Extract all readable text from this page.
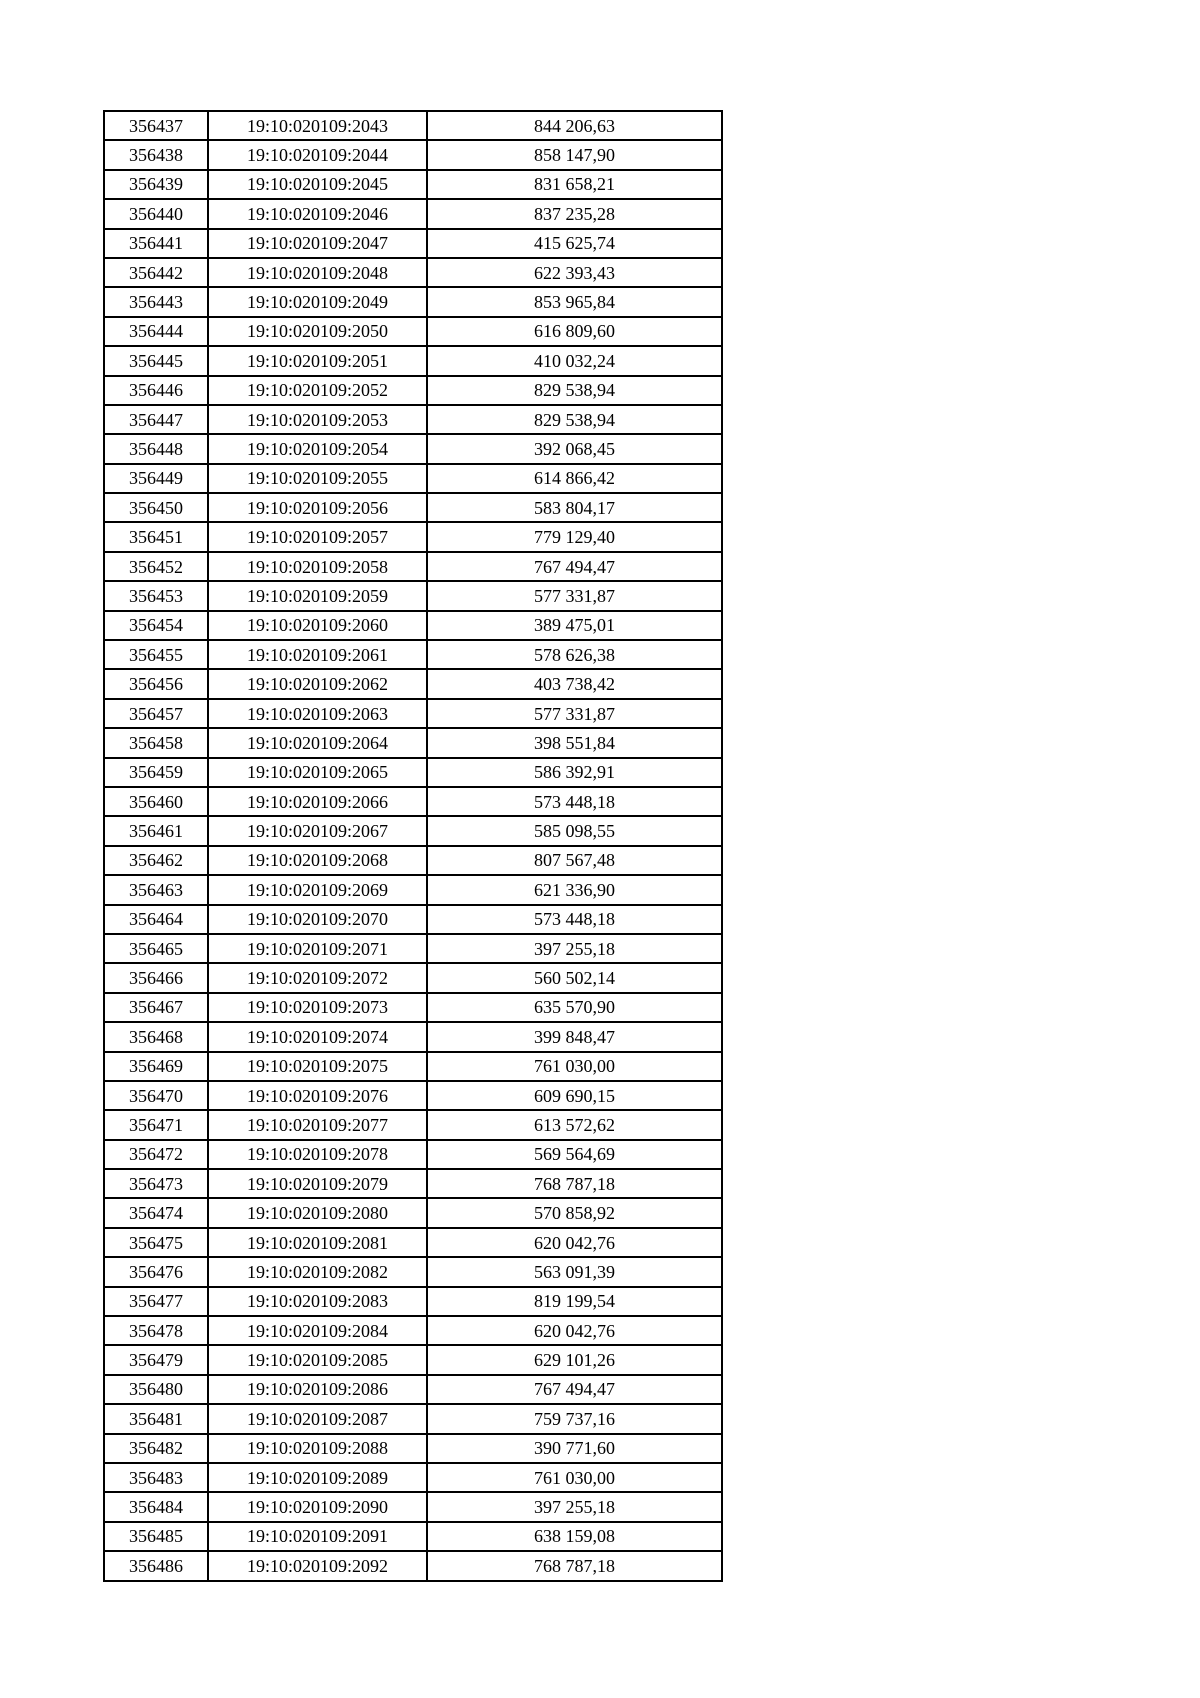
356437	19:10:020109:2043	844 206,63
356438	19:10:020109:2044	858 147,90
356439	19:10:020109:2045	831 658,21
356440	19:10:020109:2046	837 235,28
356441	19:10:020109:2047	415 625,74
356442	19:10:020109:2048	622 393,43
356443	19:10:020109:2049	853 965,84
356444	19:10:020109:2050	616 809,60
356445	19:10:020109:2051	410 032,24
356446	19:10:020109:2052	829 538,94
356447	19:10:020109:2053	829 538,94
356448	19:10:020109:2054	392 068,45
356449	19:10:020109:2055	614 866,42
356450	19:10:020109:2056	583 804,17
356451	19:10:020109:2057	779 129,40
356452	19:10:020109:2058	767 494,47
356453	19:10:020109:2059	577 331,87
356454	19:10:020109:2060	389 475,01
356455	19:10:020109:2061	578 626,38
356456	19:10:020109:2062	403 738,42
356457	19:10:020109:2063	577 331,87
356458	19:10:020109:2064	398 551,84
356459	19:10:020109:2065	586 392,91
356460	19:10:020109:2066	573 448,18
356461	19:10:020109:2067	585 098,55
356462	19:10:020109:2068	807 567,48
356463	19:10:020109:2069	621 336,90
356464	19:10:020109:2070	573 448,18
356465	19:10:020109:2071	397 255,18
356466	19:10:020109:2072	560 502,14
356467	19:10:020109:2073	635 570,90
356468	19:10:020109:2074	399 848,47
356469	19:10:020109:2075	761 030,00
356470	19:10:020109:2076	609 690,15
356471	19:10:020109:2077	613 572,62
356472	19:10:020109:2078	569 564,69
356473	19:10:020109:2079	768 787,18
356474	19:10:020109:2080	570 858,92
356475	19:10:020109:2081	620 042,76
356476	19:10:020109:2082	563 091,39
356477	19:10:020109:2083	819 199,54
356478	19:10:020109:2084	620 042,76
356479	19:10:020109:2085	629 101,26
356480	19:10:020109:2086	767 494,47
356481	19:10:020109:2087	759 737,16
356482	19:10:020109:2088	390 771,60
356483	19:10:020109:2089	761 030,00
356484	19:10:020109:2090	397 255,18
356485	19:10:020109:2091	638 159,08
356486	19:10:020109:2092	768 787,18
